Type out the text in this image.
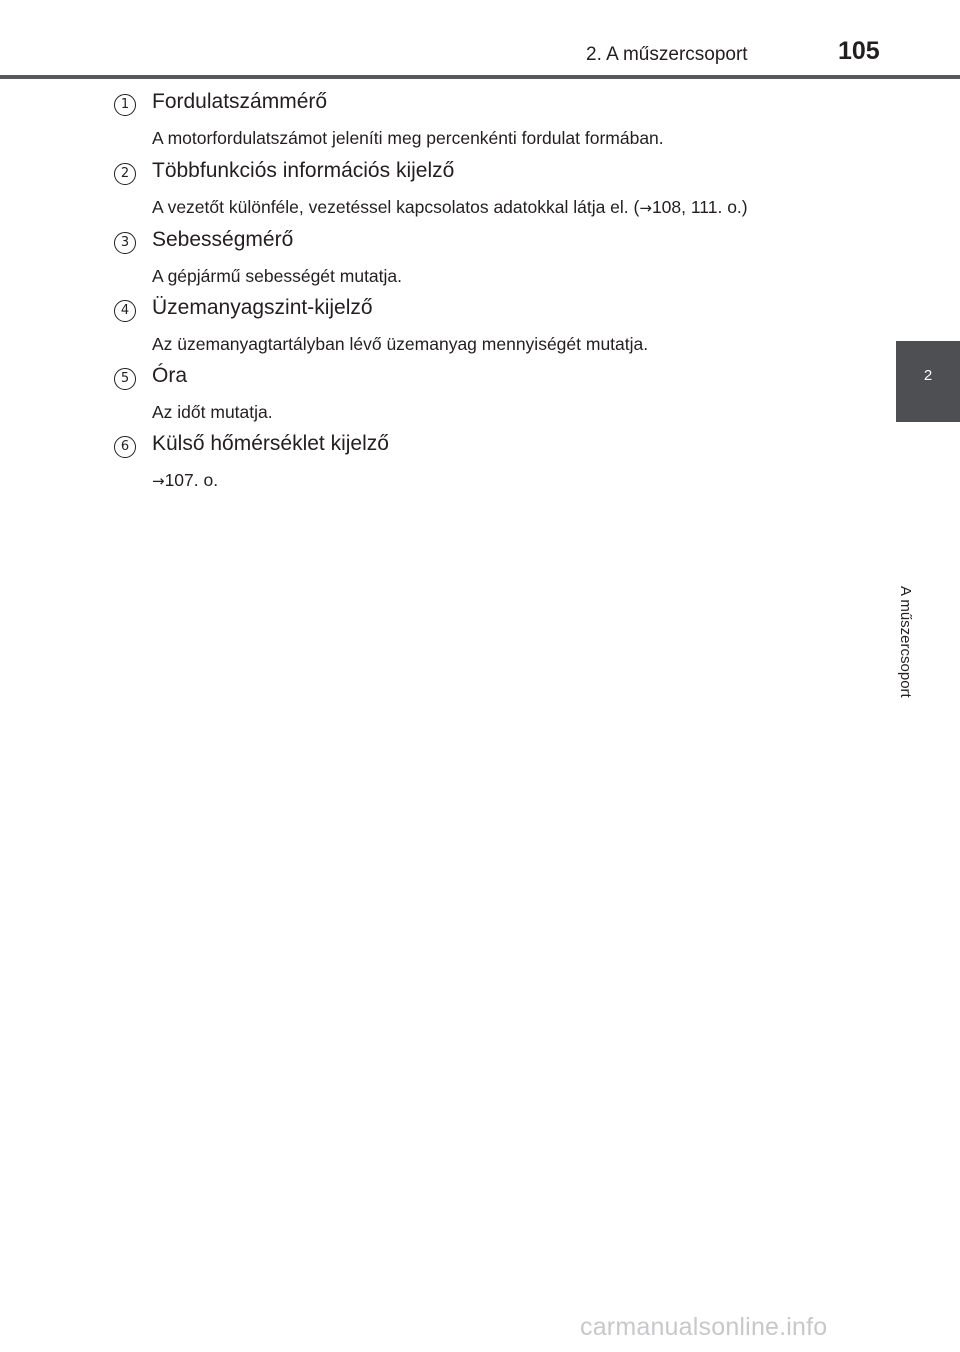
2. A műszercsoport	105
2
A műszercsoport
1	Fordulatszámmérő
A motorfordulatszámot jeleníti meg percenkénti fordulat formában.
2	Többfunkciós információs kijelző
A vezetőt különféle, vezetéssel kapcsolatos adatokkal látja el. (→108, 111. o.)
3	Sebességmérő
A gépjármű sebességét mutatja.
4	Üzemanyagszint-kijelző
Az üzemanyagtartályban lévő üzemanyag mennyiségét mutatja.
5	Óra
Az időt mutatja.
6	Külső hőmérséklet kijelző
→107. o.
carmanualsonline.info
